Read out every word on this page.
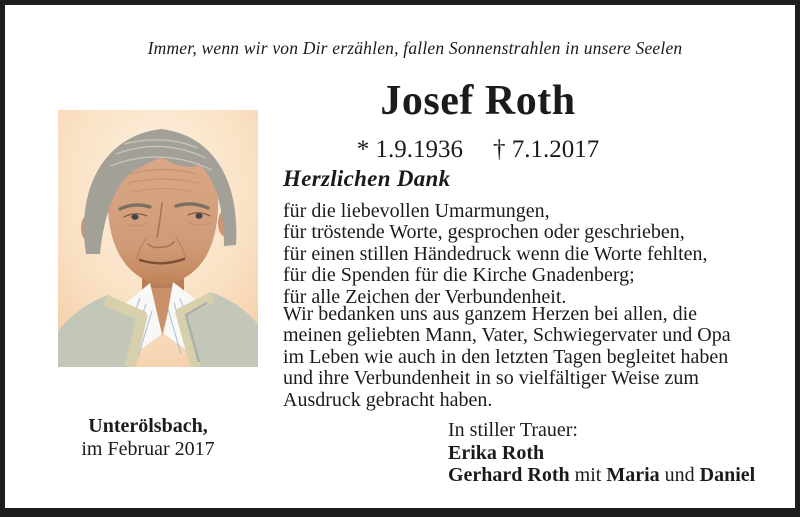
Immer, wenn wir von Dir erzählen, fallen Sonnenstrahlen in unsere Seelen
Josef Roth
* 1.9.1936 † 7.1.2017
Herzlichen Dank
für die liebevollen Umarmungen,
für tröstende Worte, gesprochen oder geschrieben,
für einen stillen Händedruck wenn die Worte fehlten,
für die Spenden für die Kirche Gnadenberg;
für alle Zeichen der Verbundenheit.
Wir bedanken uns aus ganzem Herzen bei allen, die
meinen geliebten Mann, Vater, Schwiegervater und Opa
im Leben wie auch in den letzten Tagen begleitet haben
und ihre Verbundenheit in so vielfältiger Weise zum
Ausdruck gebracht haben.
Unterölsbach,
im Februar 2017
In stiller Trauer:
Erika Roth
Gerhard Roth mit Maria und Daniel
